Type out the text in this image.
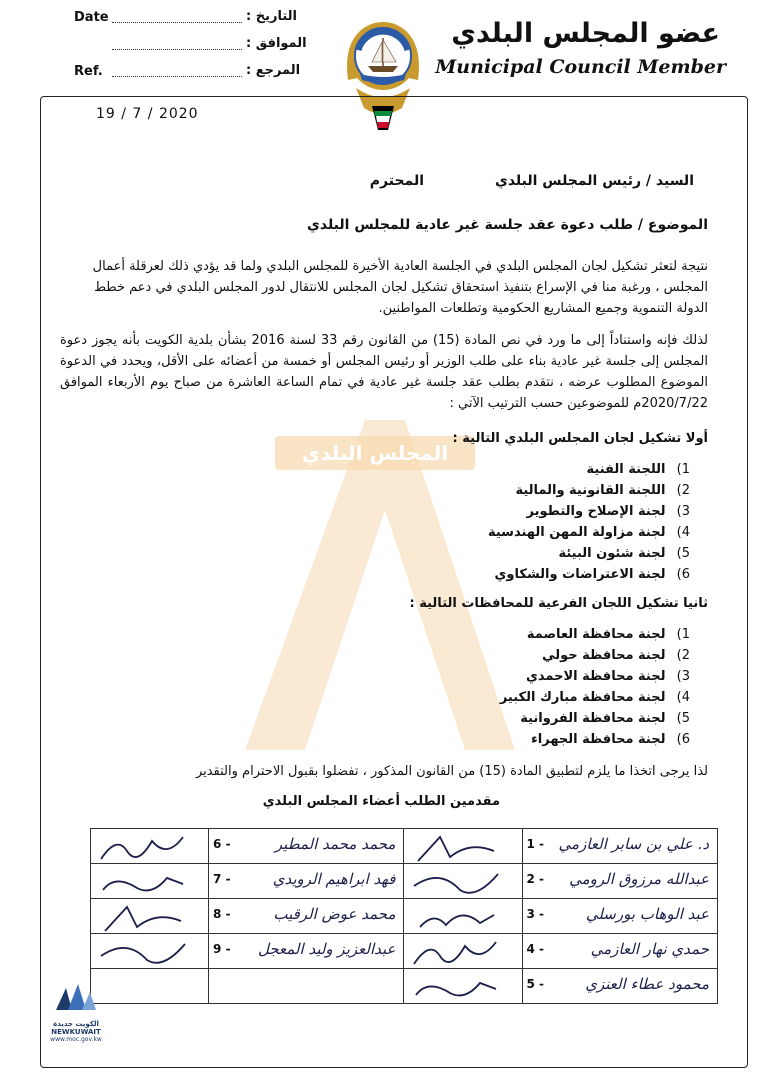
Date	التاريخ :
الموافق :
Ref.	المرجع :
عضو المجلس البلدي
Municipal Council Member
المجلس البلدي
19 / 7 / 2020
السيد / رئيس المجلس البلدي
المحترم
الموضوع / طلب دعوة عقد جلسة غير عادية للمجلس البلدي
نتيجة لتعثر تشكيل لجان المجلس البلدي في الجلسة العادية الأخيرة للمجلس البلدي ولما قد يؤدي ذلك لعرقلة أعمال المجلس ، ورغبة منا في الإسراع بتنفيذ استحقاق تشكيل لجان المجلس للانتقال لدور المجلس البلدي في دعم خطط الدولة التنموية وجميع المشاريع الحكومية وتطلعات المواطنين.
لذلك فإنه واستناداً إلى ما ورد في نص المادة (15) من القانون رقم 33 لسنة 2016 بشأن بلدية الكويت بأنه يجوز دعوة المجلس إلى جلسة غير عادية بناء على طلب الوزير أو رئيس المجلس أو خمسة من أعضائه على الأقل، ويحدد في الدعوة الموضوع المطلوب عرضه ، نتقدم بطلب عقد جلسة غير عادية في تمام الساعة العاشرة من صباح يوم الأربعاء الموافق 2020/7/22م للموضوعين حسب الترتيب الآتي :
أولا تشكيل لجان المجلس البلدي التالية :
1) اللجنة الفنية
2) اللجنة القانونية والمالية
3) لجنة الإصلاح والتطوير
4) لجنة مزاولة المهن الهندسية
5) لجنة شئون البيئة
6) لجنة الاعتراضات والشكاوي
ثانيا تشكيل اللجان الفرعية للمحافظات التالية :
1) لجنة محافظة العاصمة
2) لجنة محافظة حولي
3) لجنة محافظة الاحمدي
4) لجنة محافظة مبارك الكبير
5) لجنة محافظة الفروانية
6) لجنة محافظة الجهراء
لذا يرجى اتخذا ما يلزم لتطبيق المادة (15) من القانون المذكور ، تفضلوا بقبول الاحترام والتقدير
مقدمين الطلب أعضاء المجلس البلدي

6 - محمد محمد المطير		1 - د. علي بن سابر العازمي

7 - فهد ابراهيم الرويدي		2 - عبدالله مرزوق الرومي

8 - محمد عوض الرقيب		3 - عبد الوهاب بورسلي

9 - عبدالعزيز وليد المعجل		4 - حمدي نهار العازمي

5 - محمود عطاء العنزي
الكويت جديدة
NEWKUWAIT
www.moc.gov.kw
